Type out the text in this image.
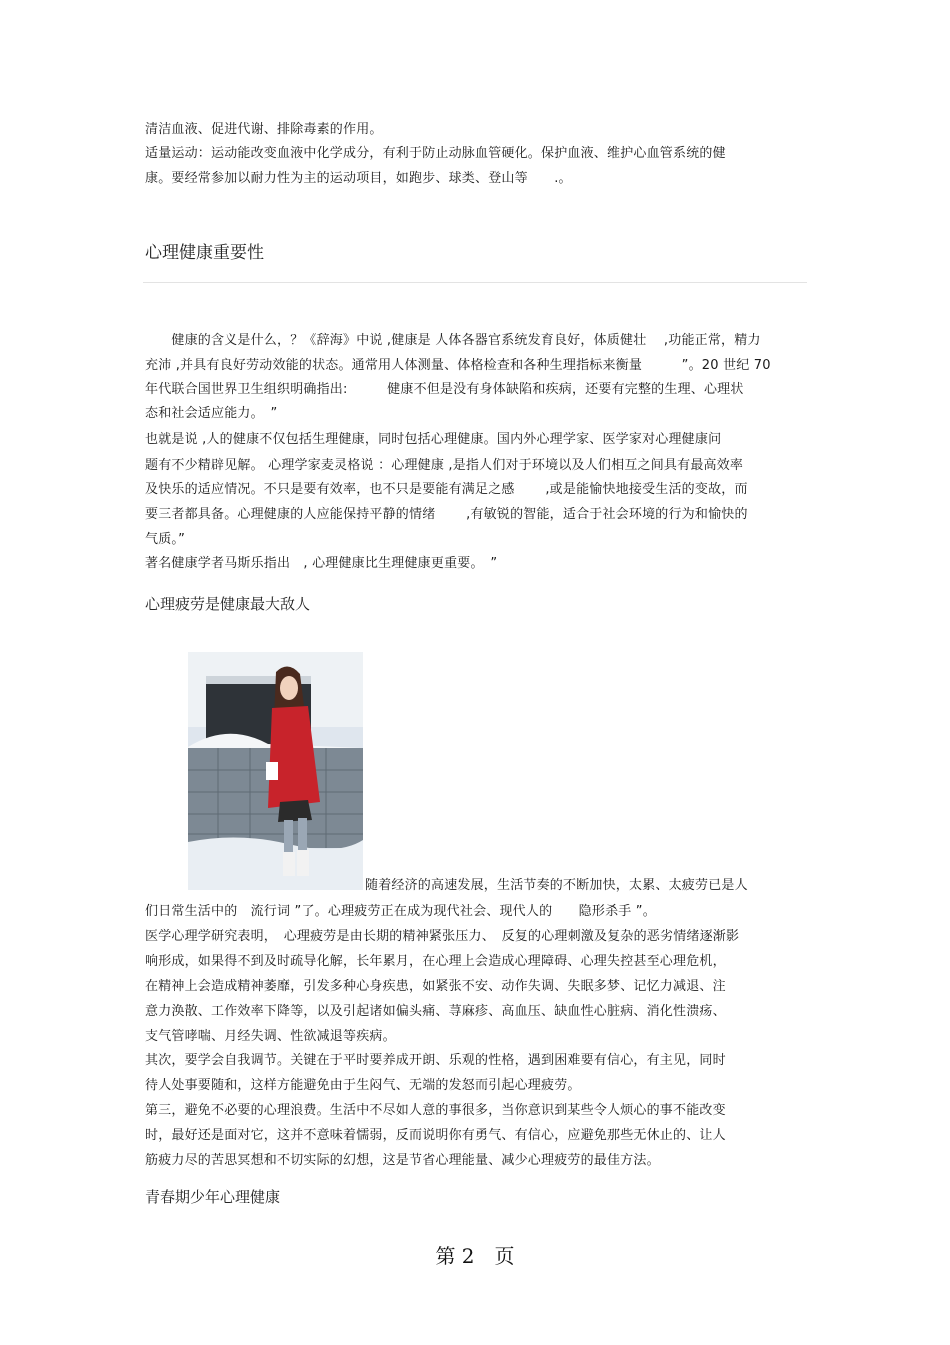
清洁血液、促进代谢、排除毒素的作用。
适量运动：运动能改变血液中化学成分，有利于防止动脉血管硬化。保护血液、维护心血管系统的健
康。要经常参加以耐力性为主的运动项目，如跑步、球类、登山等　　.。
心理健康重要性
　　健康的含义是什么，？《辞海》中说 ,健康是 人体各器官系统发育良好，体质健壮　 ,功能正常，精力
充沛 ,并具有良好劳动效能的状态。通常用人体测量、体格检查和各种生理指标来衡量　　　”。20 世纪 70
年代联合国世界卫生组织明确指出:　　　健康不但是没有身体缺陷和疾病，还要有完整的生理、心理状
态和社会适应能力。　”
也就是说 ,人的健康不仅包括生理健康，同时包括心理健康。国内外心理学家、医学家对心理健康问
题有不少精辟见解。 心理学家麦灵格说 ：心理健康 ,是指人们对于环境以及人们相互之间具有最高效率
及快乐的适应情况。不只是要有效率，也不只是要能有满足之感　　 ,或是能愉快地接受生活的变故，而
要三者都具备。心理健康的人应能保持平静的情绪　　 ,有敏锐的智能，适合于社会环境的行为和愉快的
气质。”
著名健康学者马斯乐指出　, 心理健康比生理健康更重要。　”
心理疲劳是健康最大敌人
随着经济的高速发展，生活节奏的不断加快，太累、太疲劳已是人
们日常生活中的　流行词 ”了。心理疲劳正在成为现代社会、现代人的　　隐形杀手 ”。
医学心理学研究表明，　心理疲劳是由长期的精神紧张压力、　反复的心理刺激及复杂的恶劣情绪逐渐影
响形成，如果得不到及时疏导化解，长年累月，在心理上会造成心理障碍、心理失控甚至心理危机，
在精神上会造成精神萎靡，引发多种心身疾患，如紧张不安、动作失调、失眠多梦、记忆力减退、注
意力涣散、工作效率下降等，以及引起诸如偏头痛、荨麻疹、高血压、缺血性心脏病、消化性溃疡、
支气管哮喘、月经失调、性欲减退等疾病。
其次，要学会自我调节。关键在于平时要养成开朗、乐观的性格，遇到困难要有信心，有主见，同时
待人处事要随和，这样方能避免由于生闷气、无端的发怒而引起心理疲劳。
第三，避免不必要的心理浪费。生活中不尽如人意的事很多，当你意识到某些令人烦心的事不能改变
时，最好还是面对它，这并不意味着懦弱，反而说明你有勇气、有信心，应避免那些无休止的、让人
筋疲力尽的苦思冥想和不切实际的幻想，这是节省心理能量、减少心理疲劳的最佳方法。
青春期少年心理健康
第 2　页
